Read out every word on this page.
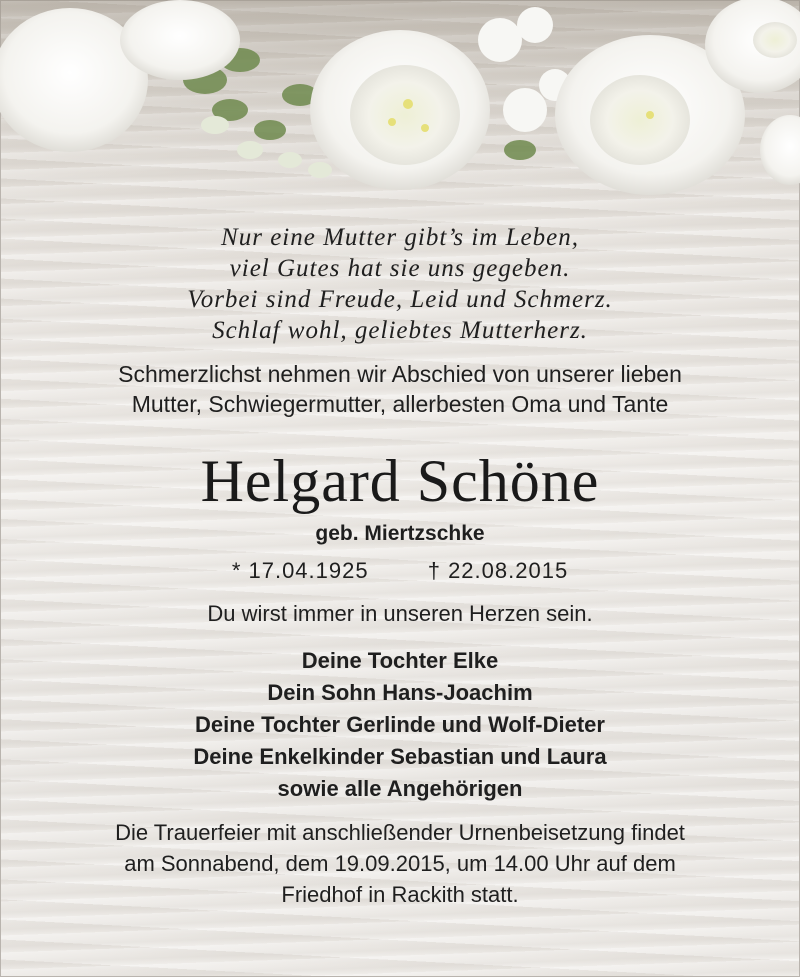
Nur eine Mutter gibt’s im Leben,
viel Gutes hat sie uns gegeben.
Vorbei sind Freude, Leid und Schmerz.
Schlaf wohl, geliebtes Mutterherz.
Schmerzlichst nehmen wir Abschied von unserer lieben
Mutter, Schwiegermutter, allerbesten Oma und Tante
Helgard Schöne
geb. Miertzschke
* 17.04.1925	† 22.08.2015
Du wirst immer in unseren Herzen sein.
Deine Tochter Elke
Dein Sohn Hans-Joachim
Deine Tochter Gerlinde und Wolf-Dieter
Deine Enkelkinder Sebastian und Laura
sowie alle Angehörigen
Die Trauerfeier mit anschließender Urnenbeisetzung findet
am Sonnabend, dem 19.09.2015, um 14.00 Uhr auf dem
Friedhof in Rackith statt.
